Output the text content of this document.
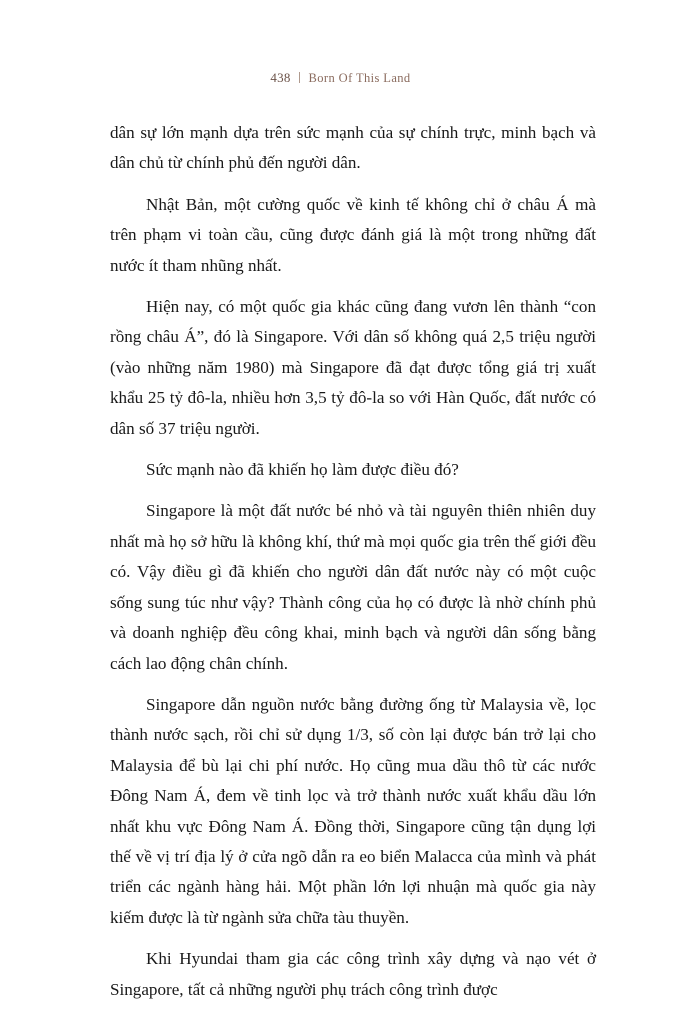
438 Born Of This Land

dân sự lớn mạnh dựa trên sức mạnh của sự chính trực, minh bạch và dân chủ từ chính phủ đến người dân.

Nhật Bản, một cường quốc về kinh tế không chỉ ở châu Á mà trên phạm vi toàn cầu, cũng được đánh giá là một trong những đất nước ít tham nhũng nhất.

Hiện nay, có một quốc gia khác cũng đang vươn lên thành “con rồng châu Á”, đó là Singapore. Với dân số không quá 2,5 triệu người (vào những năm 1980) mà Singapore đã đạt được tổng giá trị xuất khẩu 25 tỷ đô-la, nhiều hơn 3,5 tỷ đô-la so với Hàn Quốc, đất nước có dân số 37 triệu người.

Sức mạnh nào đã khiến họ làm được điều đó?

Singapore là một đất nước bé nhỏ và tài nguyên thiên nhiên duy nhất mà họ sở hữu là không khí, thứ mà mọi quốc gia trên thế giới đều có. Vậy điều gì đã khiến cho người dân đất nước này có một cuộc sống sung túc như vậy? Thành công của họ có được là nhờ chính phủ và doanh nghiệp đều công khai, minh bạch và người dân sống bằng cách lao động chân chính.

Singapore dẫn nguồn nước bằng đường ống từ Malaysia về, lọc thành nước sạch, rồi chỉ sử dụng 1/3, số còn lại được bán trở lại cho Malaysia để bù lại chi phí nước. Họ cũng mua dầu thô từ các nước Đông Nam Á, đem về tinh lọc và trở thành nước xuất khẩu dầu lớn nhất khu vực Đông Nam Á. Đồng thời, Singapore cũng tận dụng lợi thế về vị trí địa lý ở cửa ngõ dẫn ra eo biển Malacca của mình và phát triển các ngành hàng hải. Một phần lớn lợi nhuận mà quốc gia này kiếm được là từ ngành sửa chữa tàu thuyền.

Khi Hyundai tham gia các công trình xây dựng và nạo vét ở Singapore, tất cả những người phụ trách công trình được
